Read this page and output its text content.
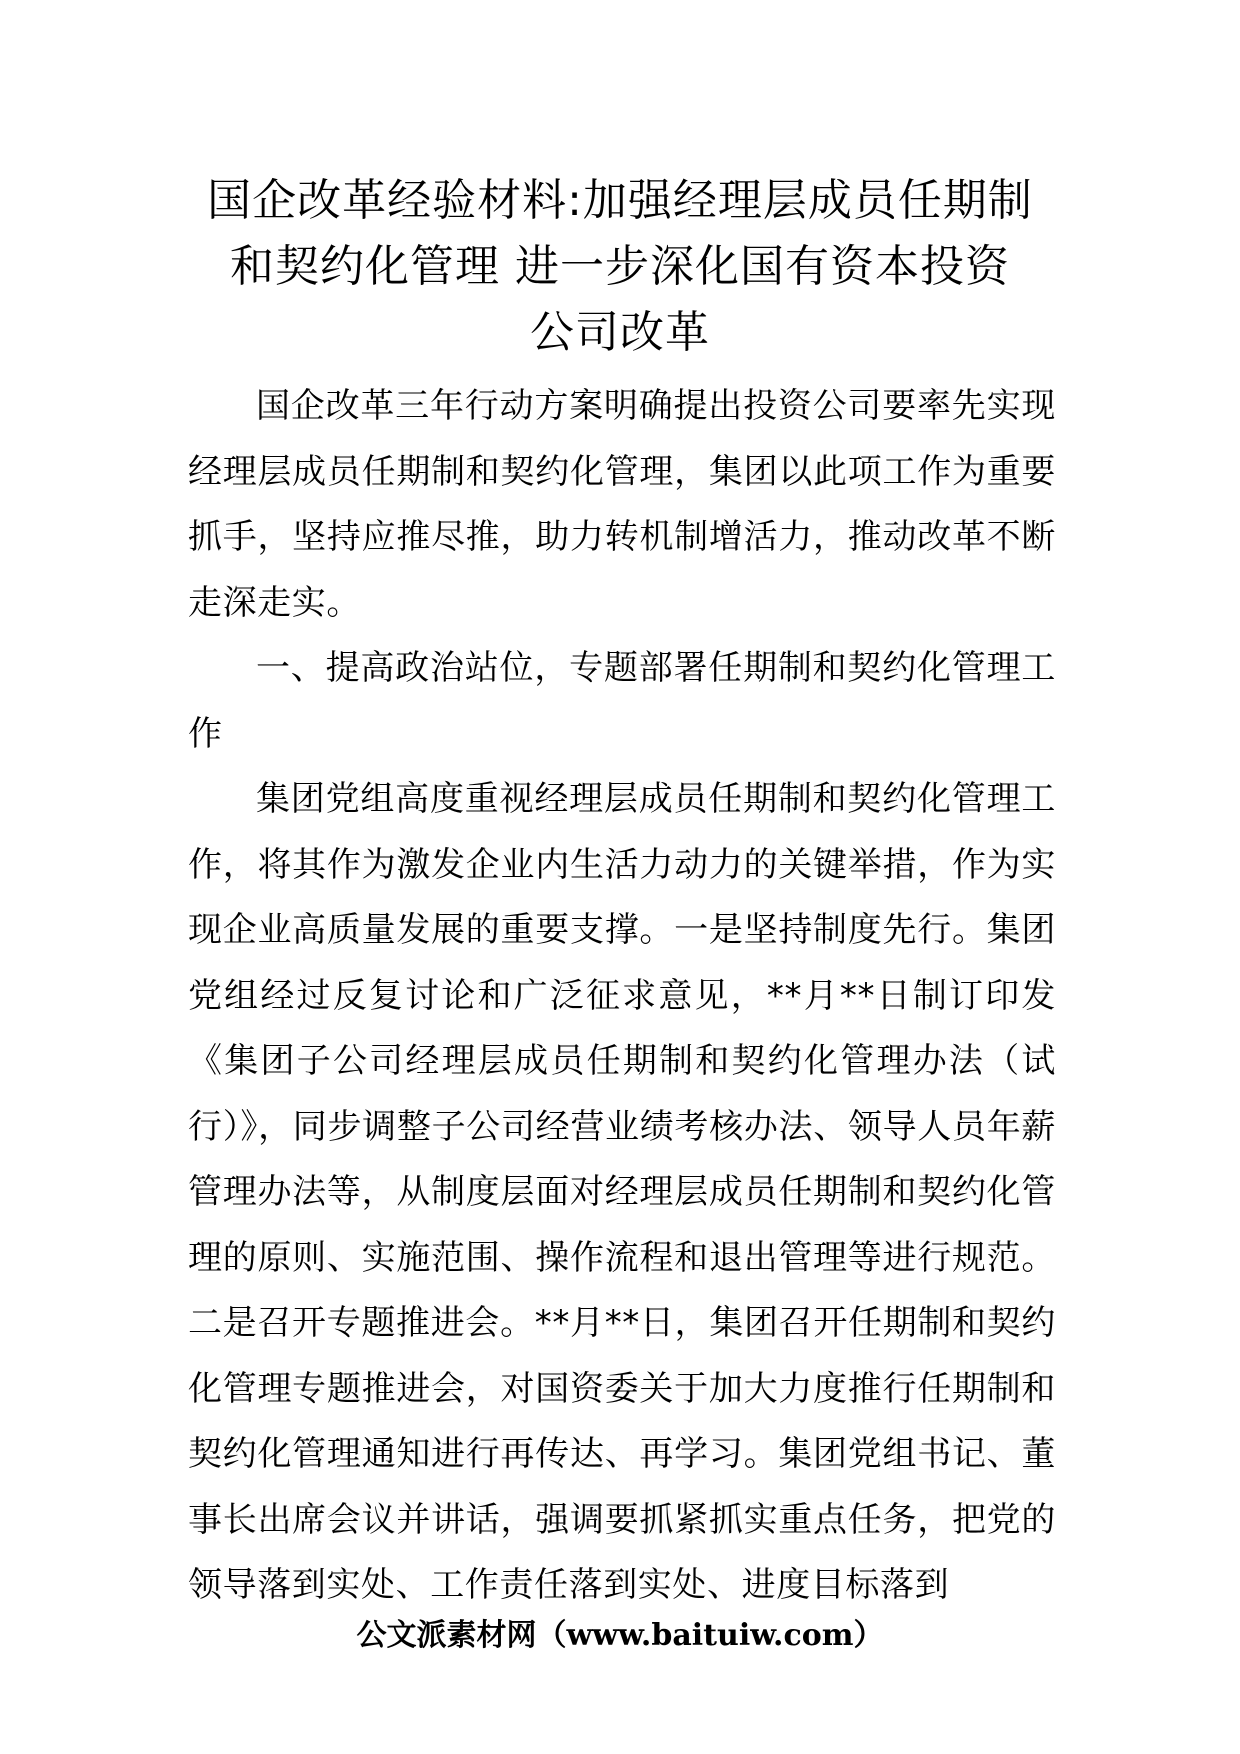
国企改革经验材料:加强经理层成员任期制
和契约化管理 进一步深化国有资本投资
公司改革

国企改革三年行动方案明确提出投资公司要率先实现经理层成员任期制和契约化管理，集团以此项工作为重要抓手，坚持应推尽推，助力转机制增活力，推动改革不断走深走实。

一、提高政治站位，专题部署任期制和契约化管理工作

集团党组高度重视经理层成员任期制和契约化管理工作，将其作为激发企业内生活力动力的关键举措，作为实现企业高质量发展的重要支撑。一是坚持制度先行。集团党组经过反复讨论和广泛征求意见，**月**日制订印发《集团子公司经理层成员任期制和契约化管理办法（试行）》，同步调整子公司经营业绩考核办法、领导人员年薪管理办法等，从制度层面对经理层成员任期制和契约化管理的原则、实施范围、操作流程和退出管理等进行规范。二是召开专题推进会。**月**日，集团召开任期制和契约化管理专题推进会，对国资委关于加大力度推行任期制和契约化管理通知进行再传达、再学习。集团党组书记、董事长出席会议并讲话，强调要抓紧抓实重点任务，把党的领导落到实处、工作责任落到实处、进度目标落到

公文派素材网（www.baituiw.com）
